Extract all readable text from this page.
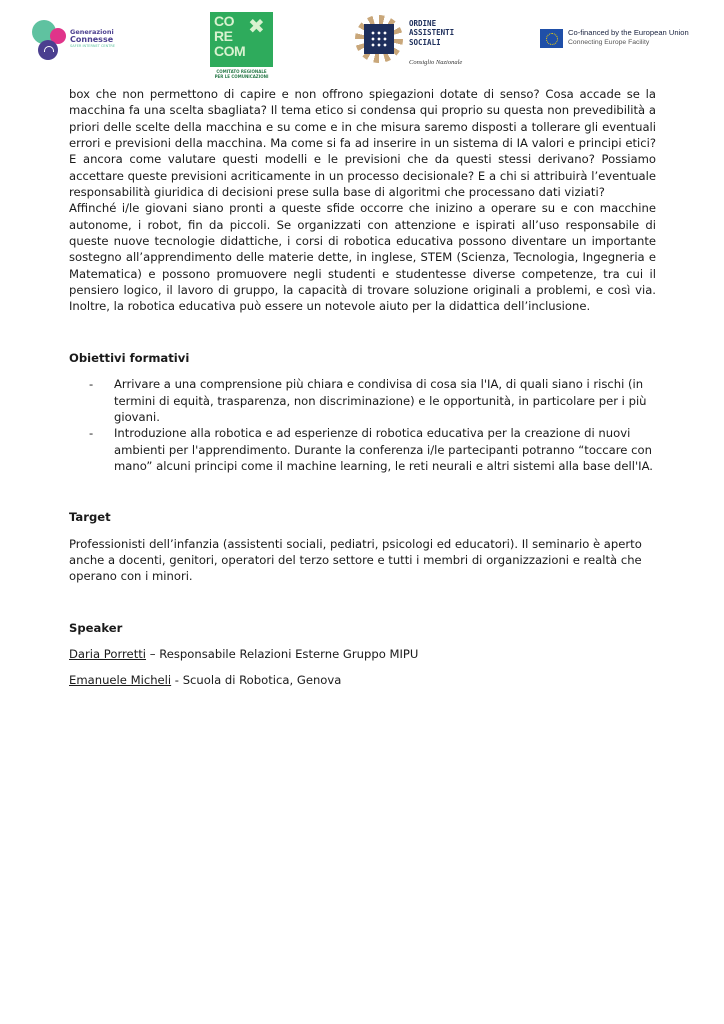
Generazioni
Connesse
SAFER INTERNET CENTRE
CO
RE
COM
✖
COMITATO REGIONALE
PER LE COMUNICAZIONI
ORDINE
ASSISTENTI
SOCIALI
Consiglio Nazionale
Co-financed by the European Union
Connecting Europe Facility

box che non permettono di capire e non offrono spiegazioni dotate di senso? Cosa accade se la macchina fa una scelta sbagliata? Il tema etico si condensa qui proprio su questa non prevedibilità a priori delle scelte della macchina e su come e in che misura saremo disposti a tollerare gli eventuali errori e previsioni della macchina. Ma come si fa ad inserire in un sistema di IA valori e principi etici? E ancora come valutare questi modelli e le previsioni che da questi stessi derivano? Possiamo accettare queste previsioni acriticamente in un processo decisionale? E a chi si attribuirà l’eventuale responsabilità giuridica di decisioni prese sulla base di algoritmi che processano dati viziati?

Affinché i/le giovani siano pronti a queste sfide occorre che inizino a operare su e con macchine autonome, i robot, fin da piccoli. Se organizzati con attenzione e ispirati all’uso responsabile di queste nuove tecnologie didattiche, i corsi di robotica educativa possono diventare un importante sostegno all’apprendimento delle materie dette, in inglese, STEM (Scienza, Tecnologia, Ingegneria e Matematica) e possono promuovere negli studenti e studentesse diverse competenze, tra cui il pensiero logico, il lavoro di gruppo, la capacità di trovare soluzione originali a problemi, e così via. Inoltre, la robotica educativa può essere un notevole aiuto per la didattica dell’inclusione.

Obiettivi formativi

- Arrivare a una comprensione più chiara e condivisa di cosa sia l'IA, di quali siano i rischi (in termini di equità, trasparenza, non discriminazione) e le opportunità, in particolare per i più giovani.
- Introduzione alla robotica e ad esperienze di robotica educativa per la creazione di nuovi ambienti per l'apprendimento. Durante la conferenza i/le partecipanti potranno “toccare con mano” alcuni principi come il machine learning, le reti neurali e altri sistemi alla base dell'IA.

Target

Professionisti dell’infanzia (assistenti sociali, pediatri, psicologi ed educatori). Il seminario è aperto anche a docenti, genitori, operatori del terzo settore e tutti i membri di organizzazioni e realtà che operano con i minori.

Speaker

Daria Porretti – Responsabile Relazioni Esterne Gruppo MIPU

Emanuele Micheli - Scuola di Robotica, Genova
